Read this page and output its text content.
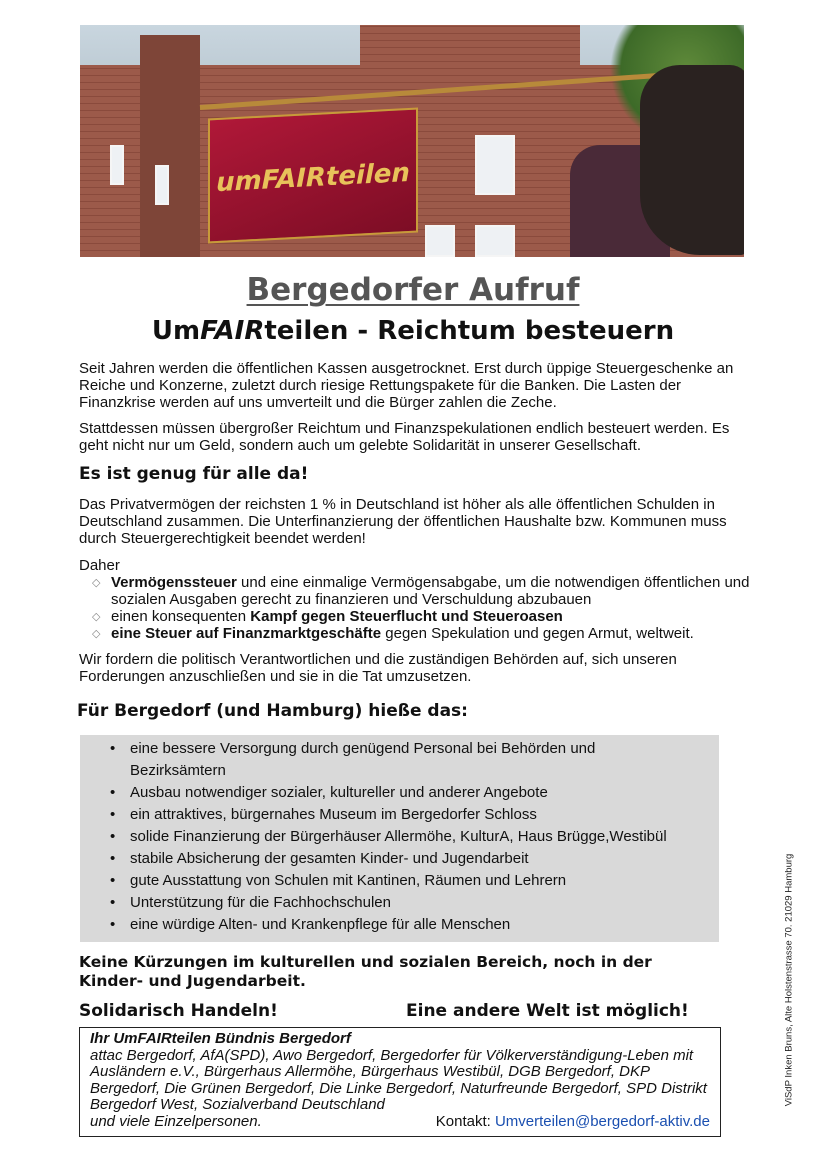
umFAIRteilen
Bergedorfer Aufruf
UmFAIRteilen - Reichtum besteuern

Seit Jahren werden die öffentlichen Kassen ausgetrocknet. Erst durch üppige Steuergeschenke an Reiche und Konzerne, zuletzt durch riesige Rettungspakete für die Banken. Die Lasten der Finanzkrise werden auf uns umverteilt und die Bürger zahlen die Zeche.

Stattdessen müssen übergroßer Reichtum und Finanzspekulationen endlich besteuert werden. Es geht nicht nur um Geld, sondern auch um gelebte Solidarität in unserer Gesellschaft.

Es ist genug für alle da!

Das Privatvermögen der reichsten 1 % in Deutschland ist höher als alle öffentlichen Schulden in Deutschland zusammen. Die Unterfinanzierung der öffentlichen Haushalte bzw. Kommunen muss durch Steuergerechtigkeit beendet werden!

Daher
◇ Vermögenssteuer und eine einmalige Vermögensabgabe, um die notwendigen öffentlichen und sozialen Ausgaben gerecht zu finanzieren und Verschuldung abzubauen
◇ einen konsequenten Kampf gegen Steuerflucht und Steueroasen
◇ eine Steuer auf Finanzmarktgeschäfte gegen Spekulation und gegen Armut, weltweit.

Wir fordern die politisch Verantwortlichen und die zuständigen Behörden auf, sich unseren Forderungen anzuschließen und sie in die Tat umzusetzen.

Für Bergedorf (und Hamburg) hieße das:
• eine bessere Versorgung durch genügend Personal bei Behörden und Bezirksämtern
• Ausbau notwendiger sozialer, kultureller und anderer Angebote
• ein attraktives, bürgernahes Museum im Bergedorfer Schloss
• solide Finanzierung der Bürgerhäuser Allermöhe, KulturA, Haus Brügge,Westibül
• stabile Absicherung der gesamten Kinder- und Jugendarbeit
• gute Ausstattung von Schulen mit Kantinen, Räumen und Lehrern
• Unterstützung für die Fachhochschulen
• eine würdige Alten- und Krankenpflege für alle Menschen

Keine Kürzungen im kulturellen und sozialen Bereich, noch in der Kinder- und Jugendarbeit.

Solidarisch Handeln!	Eine andere Welt ist möglich!
Ihr UmFAIRteilen Bündnis Bergedorf
attac Bergedorf, AfA(SPD), Awo Bergedorf, Bergedorfer für Völkerverständigung-Leben mit Ausländern e.V., Bürgerhaus Allermöhe, Bürgerhaus Westibül, DGB Bergedorf, DKP Bergedorf, Die Grünen Bergedorf, Die Linke Bergedorf, Naturfreunde Bergedorf, SPD Distrikt Bergedorf West, Sozialverband Deutschland
und viele Einzelpersonen.	Kontakt: Umverteilen@bergedorf-aktiv.de
ViSdP Inken Bruns, Alte Holstenstrasse 70. 21029 Hamburg
